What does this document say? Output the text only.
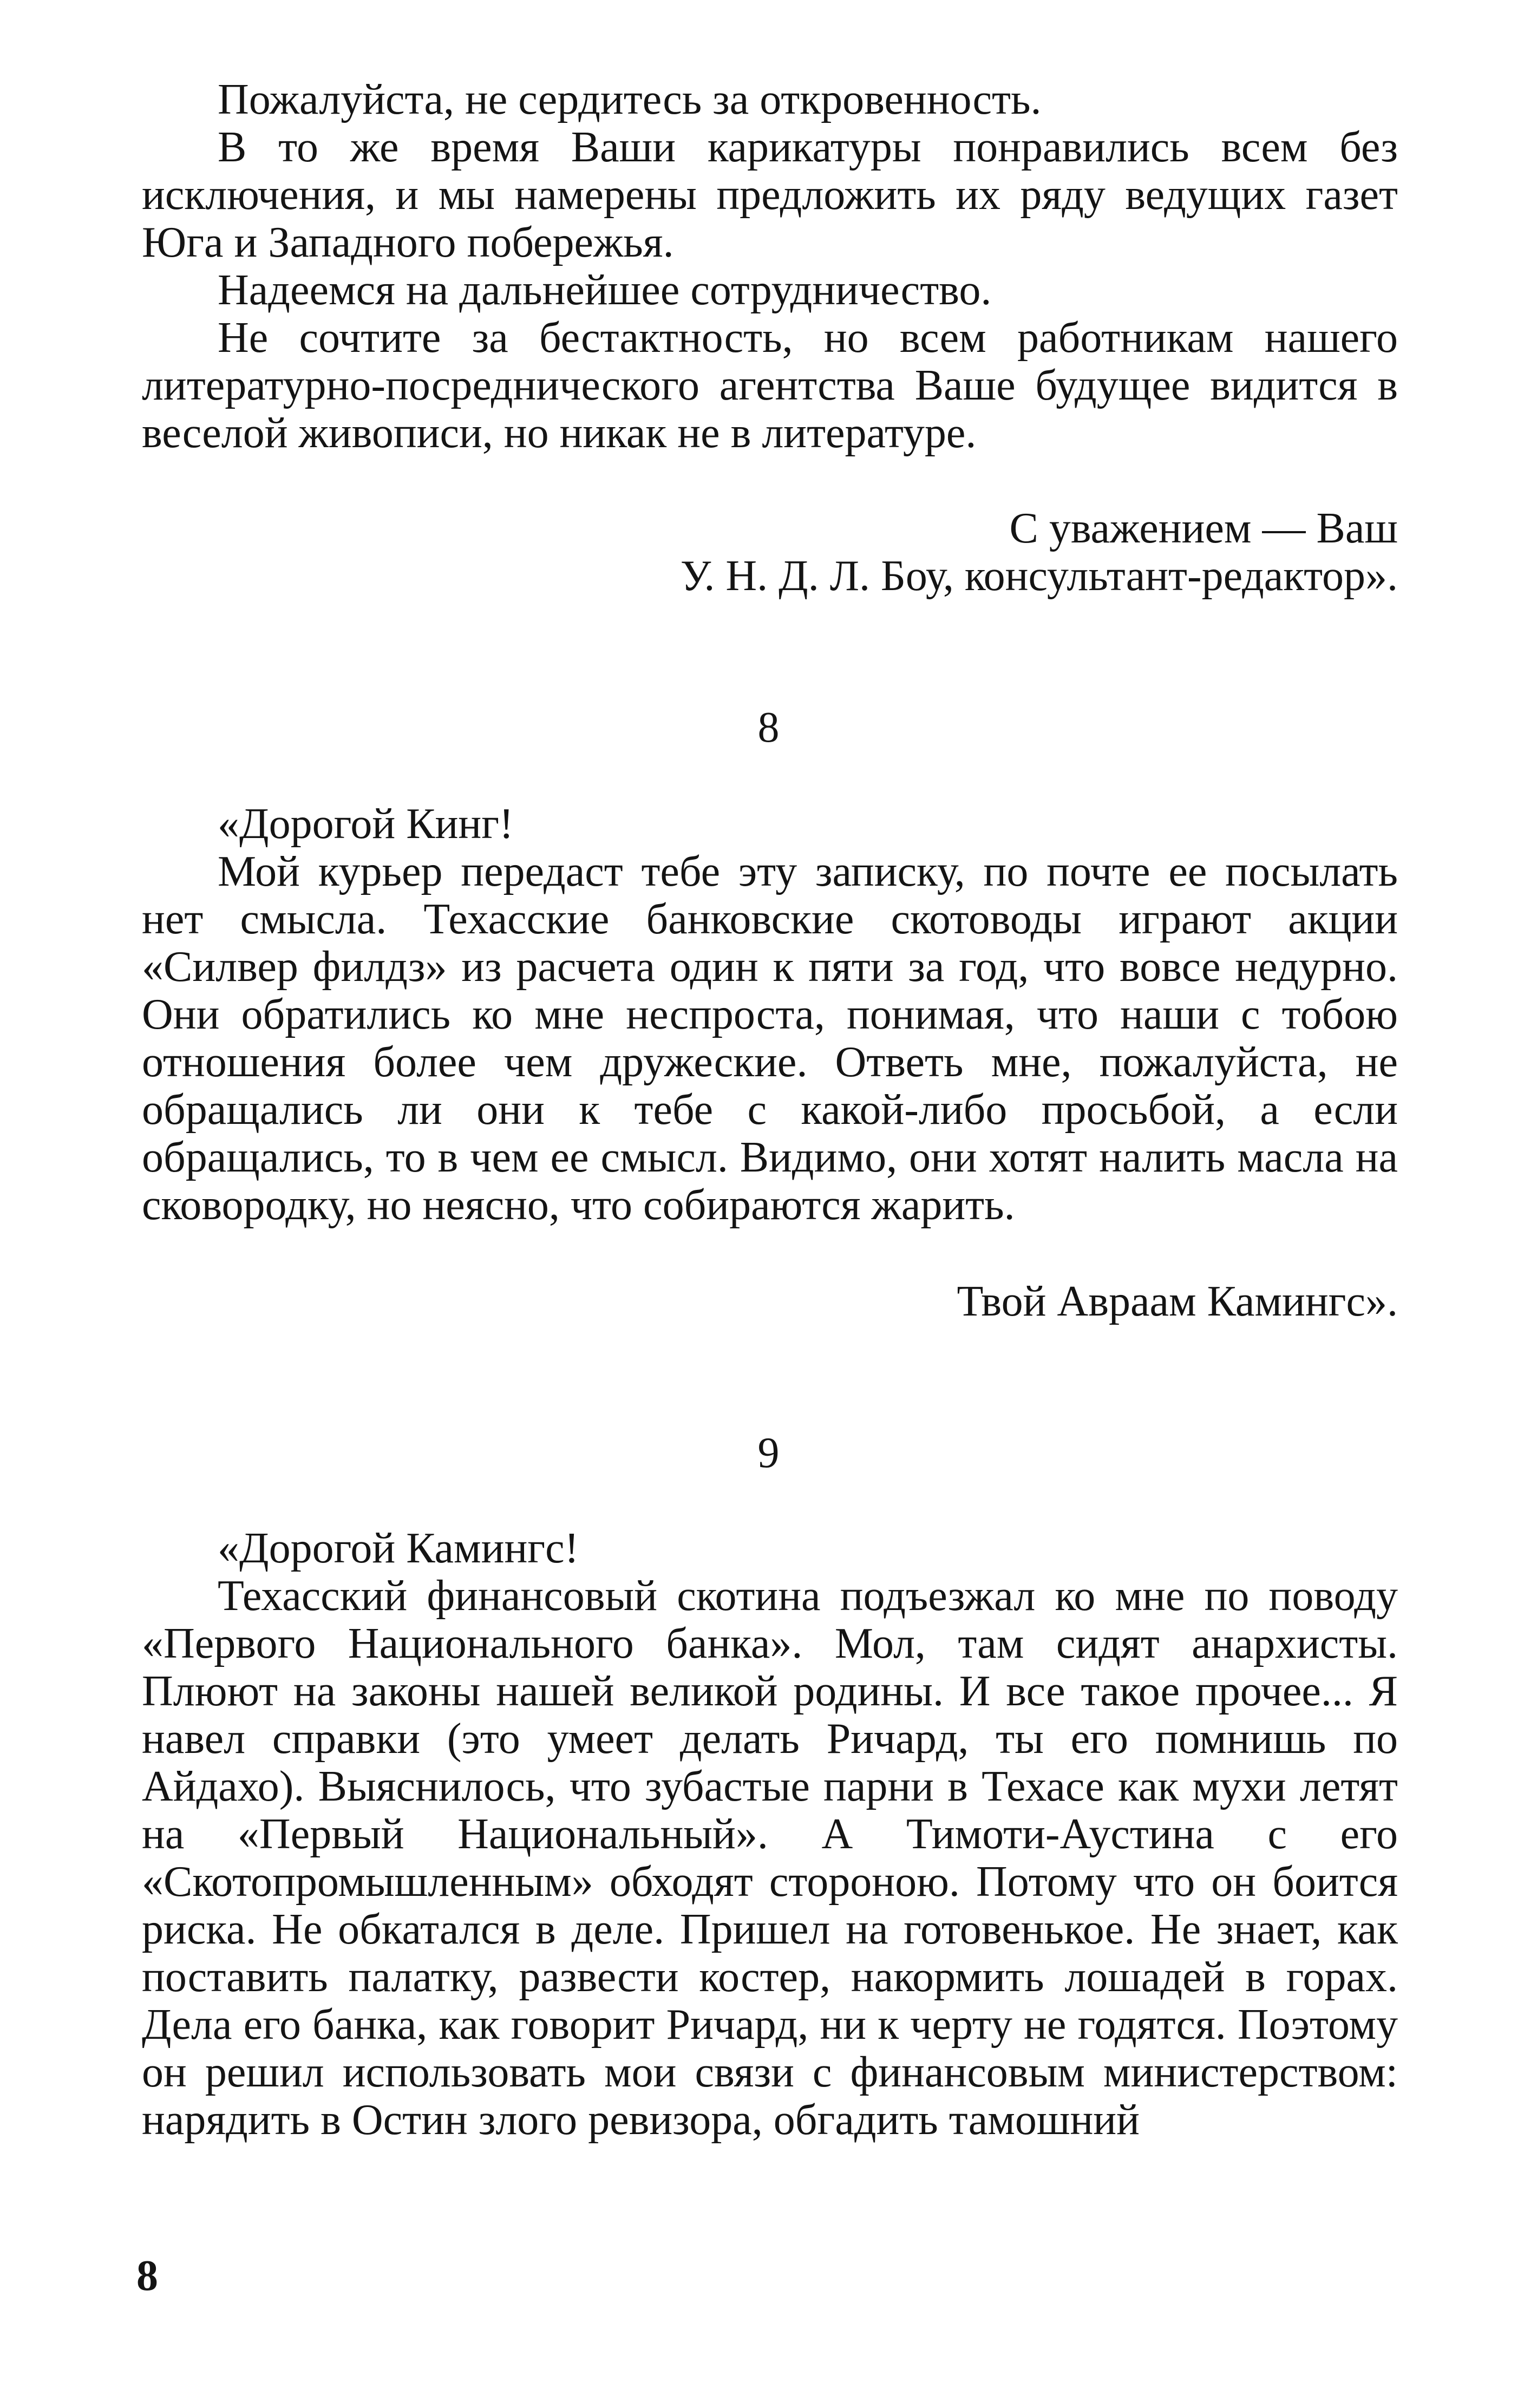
Пожалуйста, не сердитесь за откровенность.

В то же время Ваши карикатуры понравились всем без исключения, и мы намерены предложить их ряду ведущих газет Юга и Западного побережья.

Надеемся на дальнейшее сотрудничество.

Не сочтите за бестактность, но всем работникам нашего литературно-посреднического агентства Ваше будущее видится в веселой живописи, но никак не в литературе.

С уважением — Ваш
У. Н. Д. Л. Боу, консультант-редактор».
8

«Дорогой Кинг!

Мой курьер передаст тебе эту записку, по почте ее посылать нет смысла. Техасские банковские скотоводы играют акции «Силвер филдз» из расчета один к пяти за год, что вовсе недурно. Они обратились ко мне неспроста, понимая, что наши с тобою отношения более чем дружеские. Ответь мне, пожалуйста, не обращались ли они к тебе с какой-либо просьбой, а если обращались, то в чем ее смысл. Видимо, они хотят налить масла на сковородку, но неясно, что собираются жарить.

Твой Авраам Камингс».
9

«Дорогой Камингс!

Техасский финансовый скотина подъезжал ко мне по поводу «Первого Национального банка». Мол, там сидят анархисты. Плюют на законы нашей великой родины. И все такое прочее... Я навел справки (это умеет делать Ричард, ты его помнишь по Айдахо). Выяснилось, что зубастые парни в Техасе как мухи летят на «Первый Национальный». А Тимоти-Аустина с его «Скотопромышленным» обходят стороною. Потому что он боится риска. Не обкатался в деле. Пришел на готовенькое. Не знает, как поставить палатку, развести костер, накормить лошадей в горах. Дела его банка, как говорит Ричард, ни к черту не годятся. Поэтому он решил использовать мои связи с финансовым министерством: нарядить в Остин злого ревизора, обгадить тамошний

8
